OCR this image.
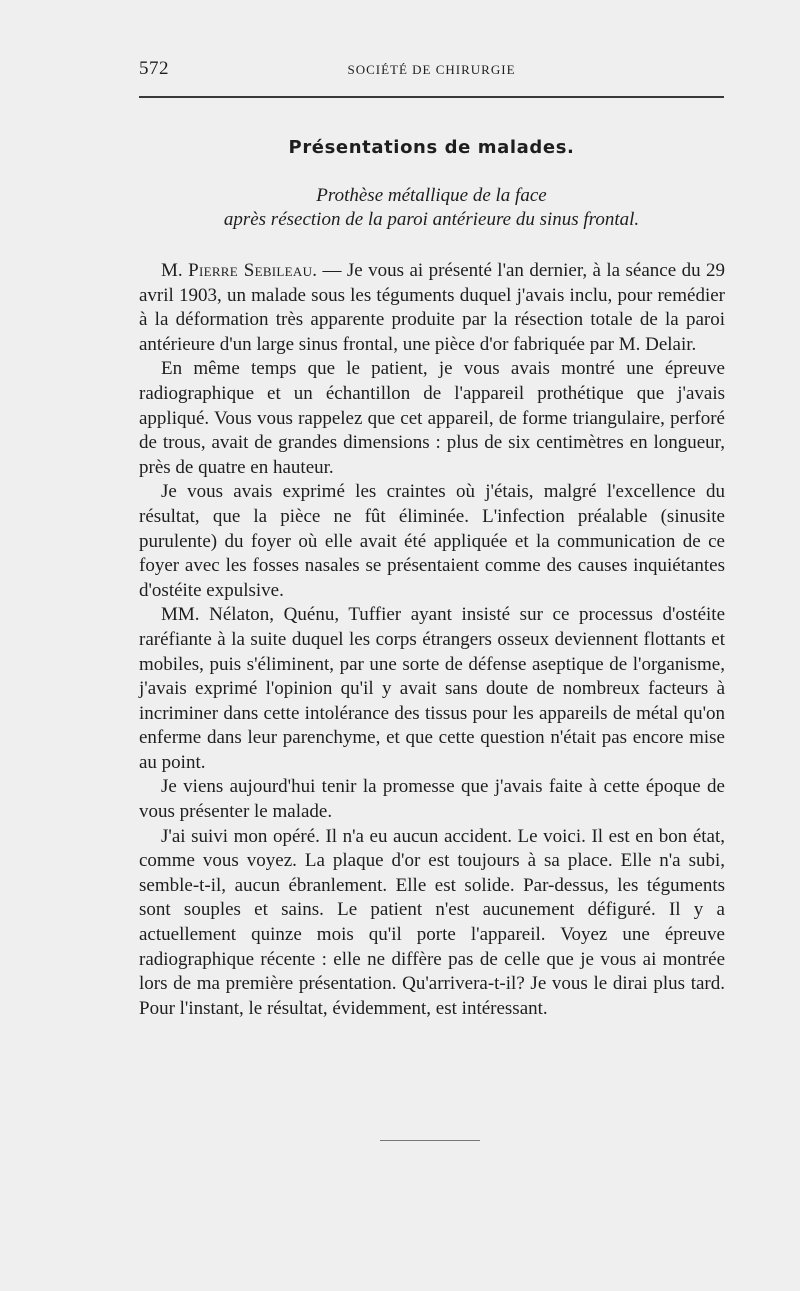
572	SOCIÉTÉ DE CHIRURGIE
Présentations de malades.
Prothèse métallique de la face
après résection de la paroi antérieure du sinus frontal.

M. Pierre Sebileau. — Je vous ai présenté l'an dernier, à la séance du 29 avril 1903, un malade sous les téguments duquel j'avais inclu, pour remédier à la déformation très apparente produite par la résection totale de la paroi antérieure d'un large sinus frontal, une pièce d'or fabriquée par M. Delair.

En même temps que le patient, je vous avais montré une épreuve radiographique et un échantillon de l'appareil prothétique que j'avais appliqué. Vous vous rappelez que cet appareil, de forme triangulaire, perforé de trous, avait de grandes dimensions : plus de six centimètres en longueur, près de quatre en hauteur.

Je vous avais exprimé les craintes où j'étais, malgré l'excellence du résultat, que la pièce ne fût éliminée. L'infection préalable (sinusite purulente) du foyer où elle avait été appliquée et la communication de ce foyer avec les fosses nasales se présentaient comme des causes inquiétantes d'ostéite expulsive.

MM. Nélaton, Quénu, Tuffier ayant insisté sur ce processus d'ostéite raréfiante à la suite duquel les corps étrangers osseux deviennent flottants et mobiles, puis s'éliminent, par une sorte de défense aseptique de l'organisme, j'avais exprimé l'opinion qu'il y avait sans doute de nombreux facteurs à incriminer dans cette intolérance des tissus pour les appareils de métal qu'on enferme dans leur parenchyme, et que cette question n'était pas encore mise au point.

Je viens aujourd'hui tenir la promesse que j'avais faite à cette époque de vous présenter le malade.

J'ai suivi mon opéré. Il n'a eu aucun accident. Le voici. Il est en bon état, comme vous voyez. La plaque d'or est toujours à sa place. Elle n'a subi, semble-t-il, aucun ébranlement. Elle est solide. Par-dessus, les téguments sont souples et sains. Le patient n'est aucunement défiguré. Il y a actuellement quinze mois qu'il porte l'appareil. Voyez une épreuve radiographique récente : elle ne diffère pas de celle que je vous ai montrée lors de ma première présentation. Qu'arrivera-t-il? Je vous le dirai plus tard. Pour l'instant, le résultat, évidemment, est intéressant.
